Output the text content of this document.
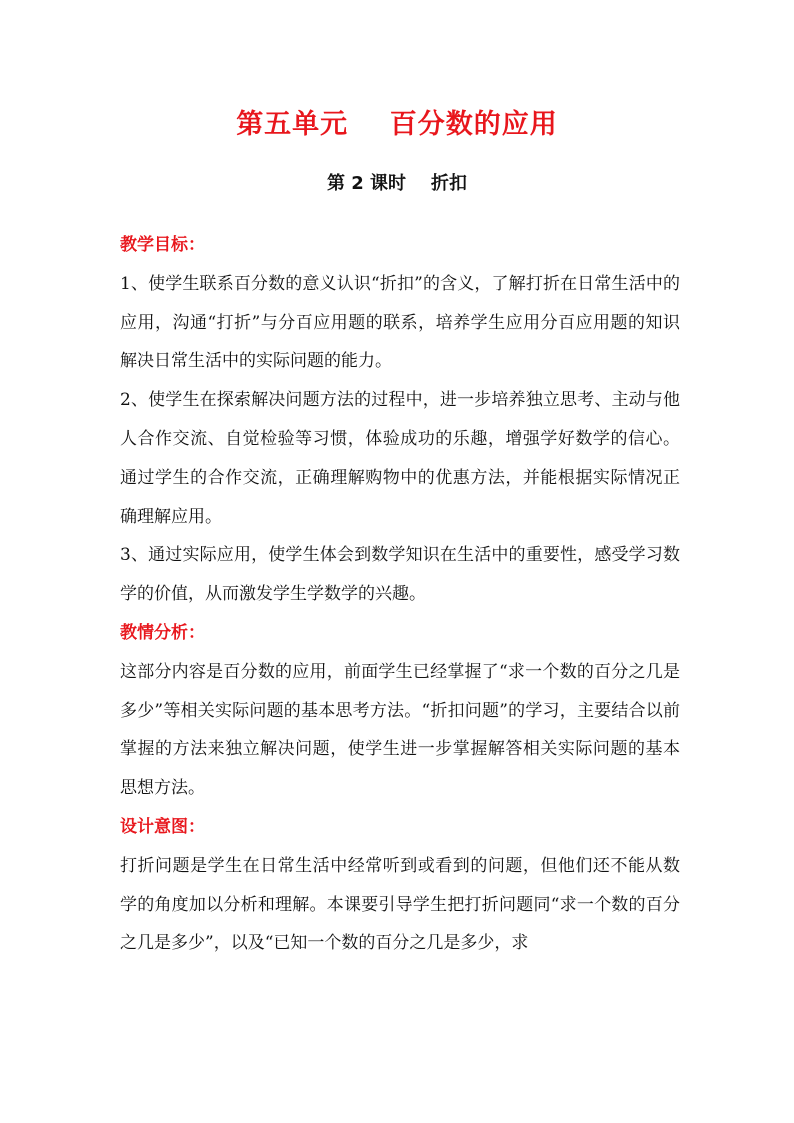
第五单元    百分数的应用
第 2 课时    折扣
教学目标：
1、使学生联系百分数的意义认识“折扣”的含义，了解打折在日常生活中的应用，沟通“打折”与分百应用题的联系，培养学生应用分百应用题的知识解决日常生活中的实际问题的能力。
2、使学生在探索解决问题方法的过程中，进一步培养独立思考、主动与他人合作交流、自觉检验等习惯，体验成功的乐趣，增强学好数学的信心。通过学生的合作交流，正确理解购物中的优惠方法，并能根据实际情况正确理解应用。
3、通过实际应用，使学生体会到数学知识在生活中的重要性，感受学习数学的价值，从而激发学生学数学的兴趣。
教情分析：
这部分内容是百分数的应用，前面学生已经掌握了“求一个数的百分之几是多少”等相关实际问题的基本思考方法。“折扣问题”的学习，主要结合以前掌握的方法来独立解决问题，使学生进一步掌握解答相关实际问题的基本思想方法。
设计意图：
打折问题是学生在日常生活中经常听到或看到的问题，但他们还不能从数学的角度加以分析和理解。本课要引导学生把打折问题同“求一个数的百分之几是多少”，以及“已知一个数的百分之几是多少，求
